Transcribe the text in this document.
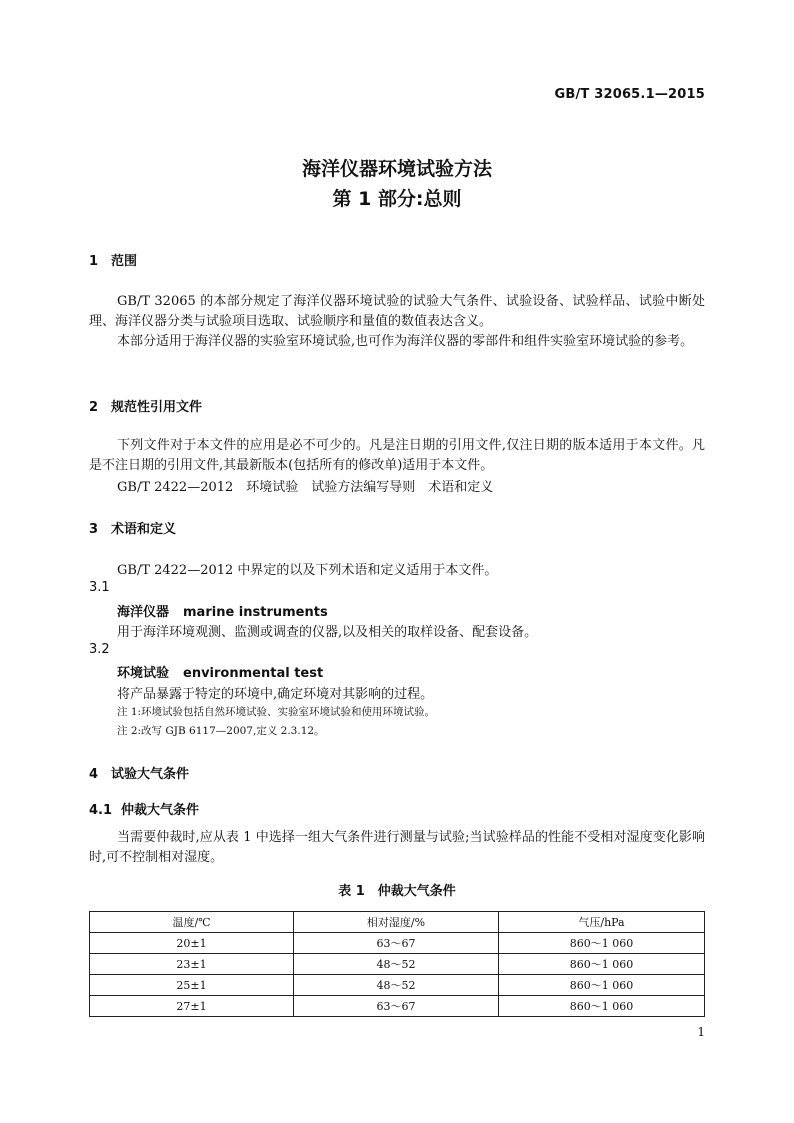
GB/T 32065.1—2015
海洋仪器环境试验方法
第 1 部分:总则
1 范围
GB/T 32065 的本部分规定了海洋仪器环境试验的试验大气条件、试验设备、试验样品、试验中断处理、海洋仪器分类与试验项目选取、试验顺序和量值的数值表达含义。
本部分适用于海洋仪器的实验室环境试验,也可作为海洋仪器的零部件和组件实验室环境试验的参考。
2 规范性引用文件
下列文件对于本文件的应用是必不可少的。凡是注日期的引用文件,仅注日期的版本适用于本文件。凡是不注日期的引用文件,其最新版本(包括所有的修改单)适用于本文件。
GB/T 2422—2012　环境试验　试验方法编写导则　术语和定义
3 术语和定义
GB/T 2422—2012 中界定的以及下列术语和定义适用于本文件。
3.1
海洋仪器 marine instruments
用于海洋环境观测、监测或调查的仪器,以及相关的取样设备、配套设备。
3.2
环境试验 environmental test
将产品暴露于特定的环境中,确定环境对其影响的过程。
注 1:环境试验包括自然环境试验、实验室环境试验和使用环境试验。
注 2:改写 GJB 6117—2007,定义 2.3.12。
4 试验大气条件
4.1 仲裁大气条件
当需要仲裁时,应从表 1 中选择一组大气条件进行测量与试验;当试验样品的性能不受相对湿度变化影响时,可不控制相对湿度。
表 1　仲裁大气条件
温度/℃	相对湿度/%	气压/hPa
20±1	63～67	860～1 060
23±1	48～52	860～1 060
25±1	48～52	860～1 060
27±1	63～67	860～1 060
1
